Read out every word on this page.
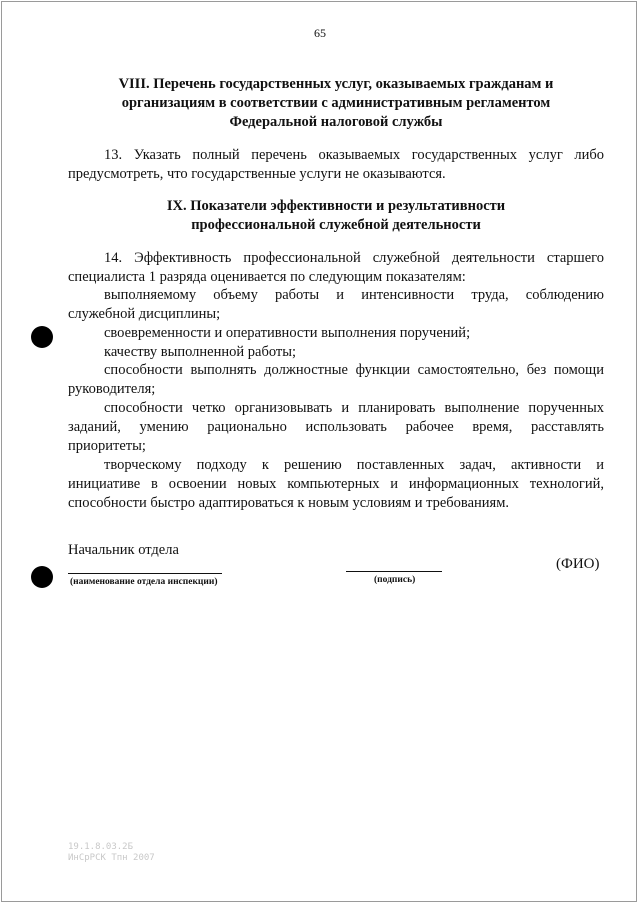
65
VIII. Перечень государственных услуг, оказываемых гражданам и
организациям в соответствии с административным регламентом
Федеральной налоговой службы
13. Указать полный перечень оказываемых государственных услуг либо
предусмотреть, что государственные услуги не оказываются.
IX. Показатели эффективности и результативности
профессиональной служебной деятельности
14. Эффективность профессиональной служебной деятельности старшего
специалиста 1 разряда оценивается по следующим показателям:
выполняемому объему работы и интенсивности труда, соблюдению
служебной дисциплины;
своевременности и оперативности выполнения поручений;
качеству выполненной работы;
способности выполнять должностные функции самостоятельно, без помощи
руководителя;
способности четко организовывать и планировать выполнение порученных
заданий, умению рационально использовать рабочее время, расставлять
приоритеты;
творческому подходу к решению поставленных задач, активности и
инициативе в освоении новых компьютерных и информационных технологий,
способности быстро адаптироваться к новым условиям и требованиям.
Начальник отдела
(наименование отдела инспекции)	(подпись)
(ФИО)
19.1.8.03.2Б
ИнСрРСК Тпн 2007
